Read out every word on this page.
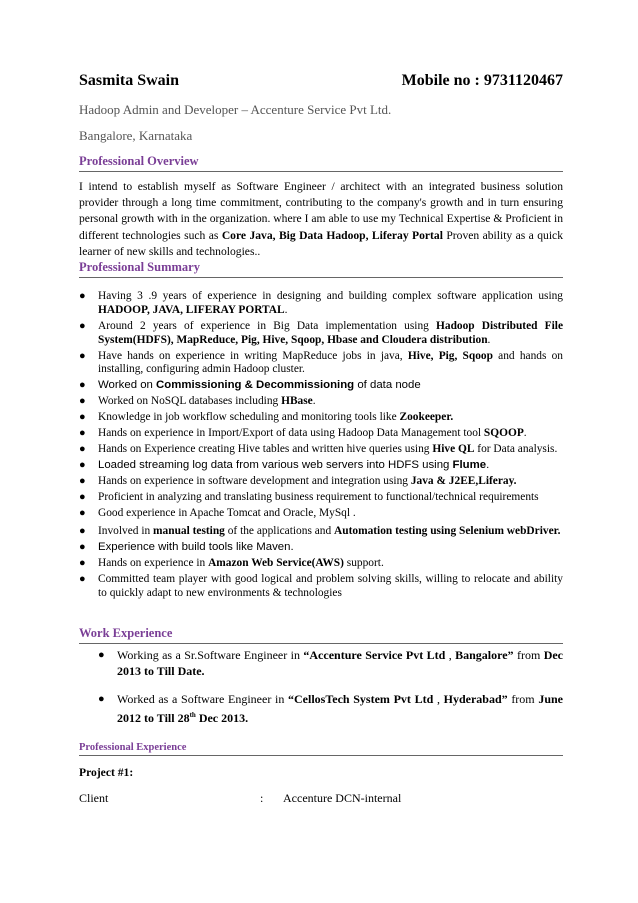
Sasmita Swain	Mobile no : 9731120467
Hadoop Admin and Developer – Accenture Service Pvt Ltd.
Bangalore, Karnataka
Professional Overview
I intend to establish myself as Software Engineer / architect with an integrated business solution provider through a long time commitment, contributing to the company's growth and in turn ensuring personal growth with in the organization. where I am able to use my Technical Expertise & Proficient in different technologies such as Core Java, Big Data Hadoop, Liferay Portal Proven ability as a quick learner of new skills and technologies..
Professional Summary
● Having 3 .9 years of experience in designing and building complex software application using HADOOP, JAVA, LIFERAY PORTAL.
● Around 2 years of experience in Big Data implementation using Hadoop Distributed File System(HDFS), MapReduce, Pig, Hive, Sqoop, Hbase and Cloudera distribution.
● Have hands on experience in writing MapReduce jobs in java, Hive, Pig, Sqoop and hands on installing, configuring admin Hadoop cluster.
● Worked on Commissioning & Decommissioning of data node
● Worked on NoSQL databases including HBase.
● Knowledge in job workflow scheduling and monitoring tools like Zookeeper.
● Hands on experience in Import/Export of data using Hadoop Data Management tool SQOOP.
● Hands on Experience creating Hive tables and written hive queries using Hive QL for Data analysis.
● Loaded streaming log data from various web servers into HDFS using Flume.
● Hands on experience in software development and integration using Java & J2EE,Liferay.
● Proficient in analyzing and translating business requirement to functional/technical requirements
● Good experience in Apache Tomcat and Oracle, MySql .
● Involved in manual testing of the applications and Automation testing using Selenium webDriver.
● Experience with build tools like Maven.
● Hands on experience in Amazon Web Service(AWS) support.
● Committed team player with good logical and problem solving skills, willing to relocate and ability to quickly adapt to new environments & technologies
Work Experience
● Working as a Sr.Software Engineer in “Accenture Service Pvt Ltd , Bangalore” from Dec 2013 to Till Date.
● Worked as a Software Engineer in “CellosTech System Pvt Ltd , Hyderabad” from June 2012 to Till 28th Dec 2013.
Professional Experience
Project #1:
Client	: Accenture DCN-internal
